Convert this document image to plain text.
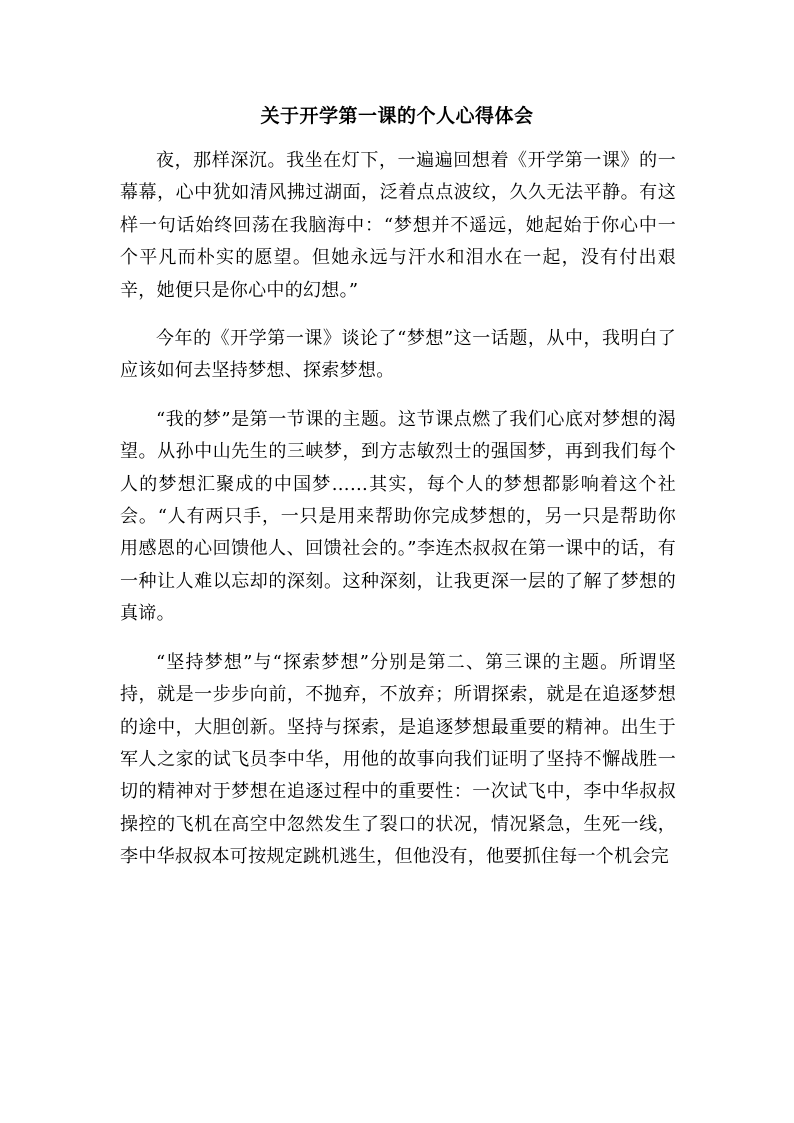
关于开学第一课的个人心得体会

夜，那样深沉。我坐在灯下，一遍遍回想着《开学第一课》的一幕幕，心中犹如清风拂过湖面，泛着点点波纹，久久无法平静。有这样一句话始终回荡在我脑海中：“梦想并不遥远，她起始于你心中一个平凡而朴实的愿望。但她永远与汗水和泪水在一起，没有付出艰辛，她便只是你心中的幻想。”

今年的《开学第一课》谈论了“梦想”这一话题，从中，我明白了应该如何去坚持梦想、探索梦想。

“我的梦”是第一节课的主题。这节课点燃了我们心底对梦想的渴望。从孙中山先生的三峡梦，到方志敏烈士的强国梦，再到我们每个人的梦想汇聚成的中国梦……其实，每个人的梦想都影响着这个社会。“人有两只手，一只是用来帮助你完成梦想的，另一只是帮助你用感恩的心回馈他人、回馈社会的。”李连杰叔叔在第一课中的话，有一种让人难以忘却的深刻。这种深刻，让我更深一层的了解了梦想的真谛。

“坚持梦想”与“探索梦想”分别是第二、第三课的主题。所谓坚持，就是一步步向前，不抛弃，不放弃；所谓探索，就是在追逐梦想的途中，大胆创新。坚持与探索，是追逐梦想最重要的精神。出生于军人之家的试飞员李中华，用他的故事向我们证明了坚持不懈战胜一切的精神对于梦想在追逐过程中的重要性：一次试飞中，李中华叔叔操控的飞机在高空中忽然发生了裂口的状况，情况紧急，生死一线，李中华叔叔本可按规定跳机逃生，但他没有，他要抓住每一个机会完
